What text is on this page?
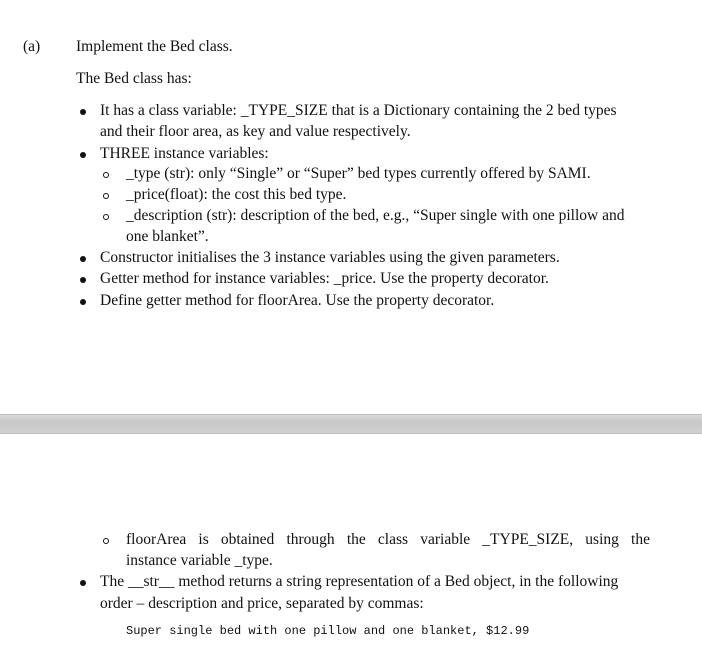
(a) Implement the Bed class.
The Bed class has:
It has a class variable: _TYPE_SIZE that is a Dictionary containing the 2 bed types
and their floor area, as key and value respectively.
THREE instance variables:
_type (str): only “Single” or “Super” bed types currently offered by SAMI.
_price(float): the cost this bed type.
_description (str): description of the bed, e.g., “Super single with one pillow and
one blanket”.
Constructor initialises the 3 instance variables using the given parameters.
Getter method for instance variables: _price. Use the property decorator.
Define getter method for floorArea. Use the property decorator.
floorArea is obtained through the class variable _TYPE_SIZE, using the
instance variable _type.
The __str__ method returns a string representation of a Bed object, in the following
order – description and price, separated by commas:
Super single bed with one pillow and one blanket, $12.99
